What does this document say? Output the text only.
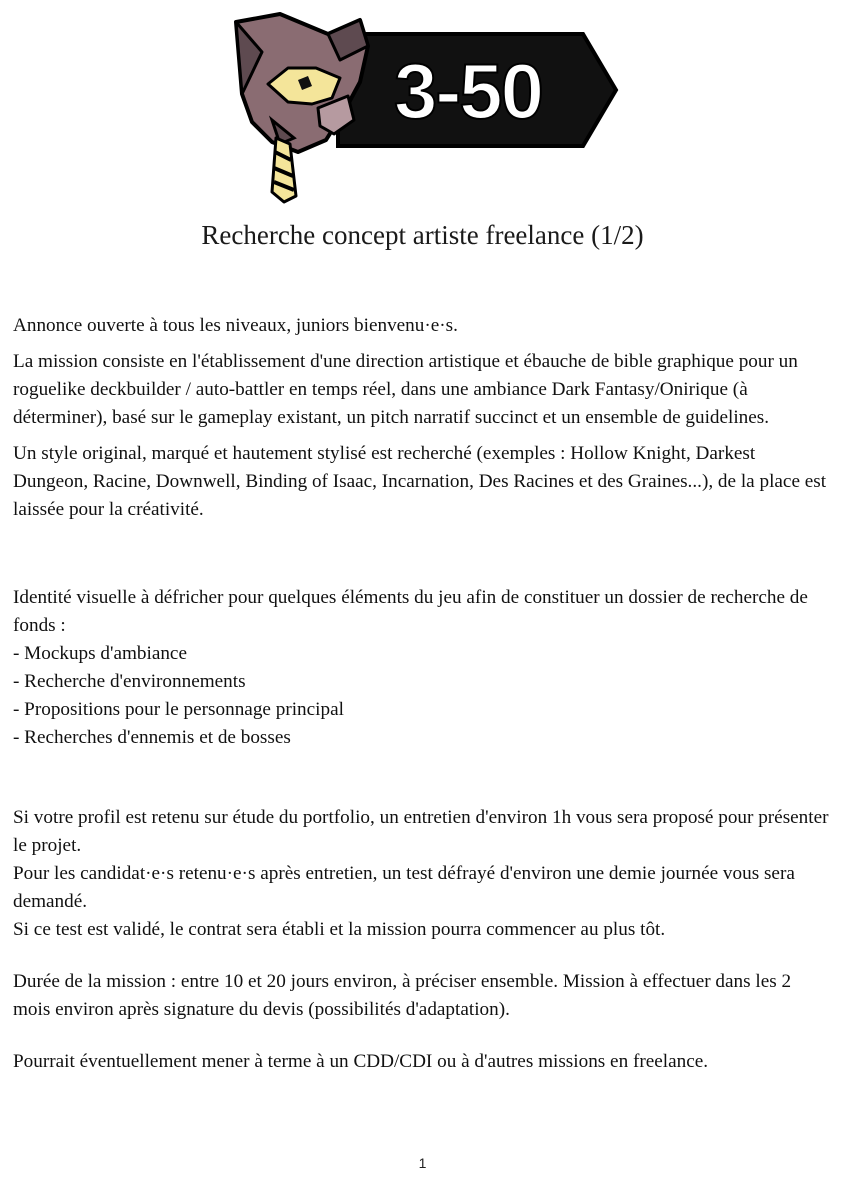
3-50
Recherche concept artiste freelance (1/2)

Annonce ouverte à tous les niveaux, juniors bienvenu·e·s.

La mission consiste en l'établissement d'une direction artistique et ébauche de bible graphique pour un roguelike deckbuilder / auto-battler en temps réel, dans une ambiance Dark Fantasy/Onirique (à déterminer), basé sur le gameplay existant, un pitch narratif succinct et un ensemble de guidelines.

Un style original, marqué et hautement stylisé est recherché (exemples : Hollow Knight, Darkest Dungeon, Racine, Downwell, Binding of Isaac, Incarnation, Des Racines et des Graines...), de la place est laissée pour la créativité.

Identité visuelle à défricher pour quelques éléments du jeu afin de constituer un dossier de recherche de fonds :
- Mockups d'ambiance
- Recherche d'environnements
- Propositions pour le personnage principal
- Recherches d'ennemis et de bosses
Si votre profil est retenu sur étude du portfolio, un entretien d'environ 1h vous sera proposé pour présenter le projet.
Pour les candidat·e·s retenu·e·s après entretien, un test défrayé d'environ une demie journée vous sera demandé.
Si ce test est validé, le contrat sera établi et la mission pourra commencer au plus tôt.
Durée de la mission : entre 10 et 20 jours environ, à préciser ensemble. Mission à effectuer dans les 2 mois environ après signature du devis (possibilités d'adaptation).
Pourrait éventuellement mener à terme à un CDD/CDI ou à d'autres missions en freelance.
1
